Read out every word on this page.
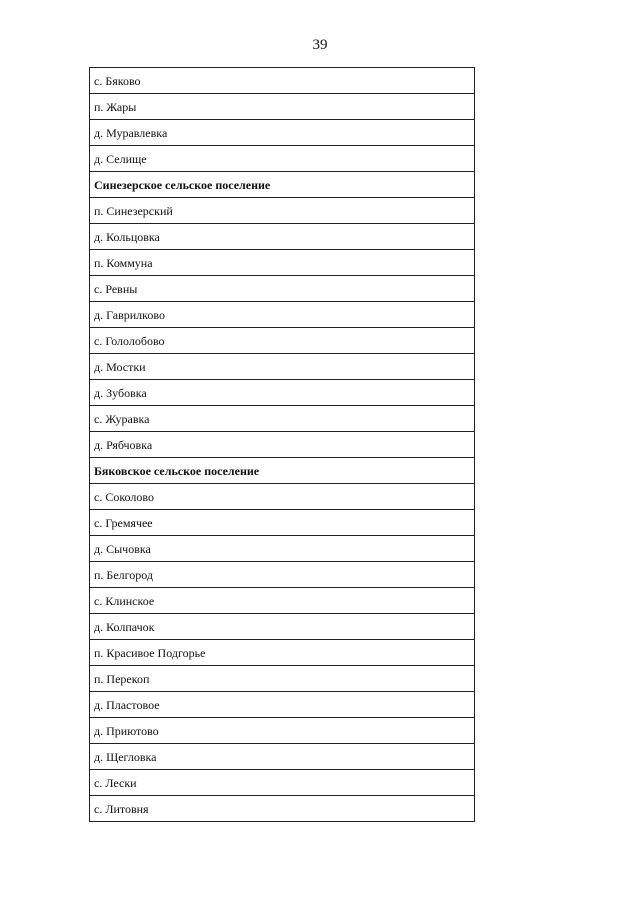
39
с. Бяково
п. Жары
д. Муравлевка
д. Селище
Синезерское сельское поселение
п. Синезерский
д. Кольцовка
п. Коммуна
с. Ревны
д. Гаврилково
с. Гололобово
д. Мостки
д. Зубовка
с. Журавка
д. Рябчовка
Бяковское сельское поселение
с. Соколово
с. Гремячее
д. Сычовка
п. Белгород
с. Клинское
д. Колпачок
п. Красивое Подгорье
п. Перекоп
д. Пластовое
д. Приютово
д. Щегловка
с. Лески
с. Литовня
